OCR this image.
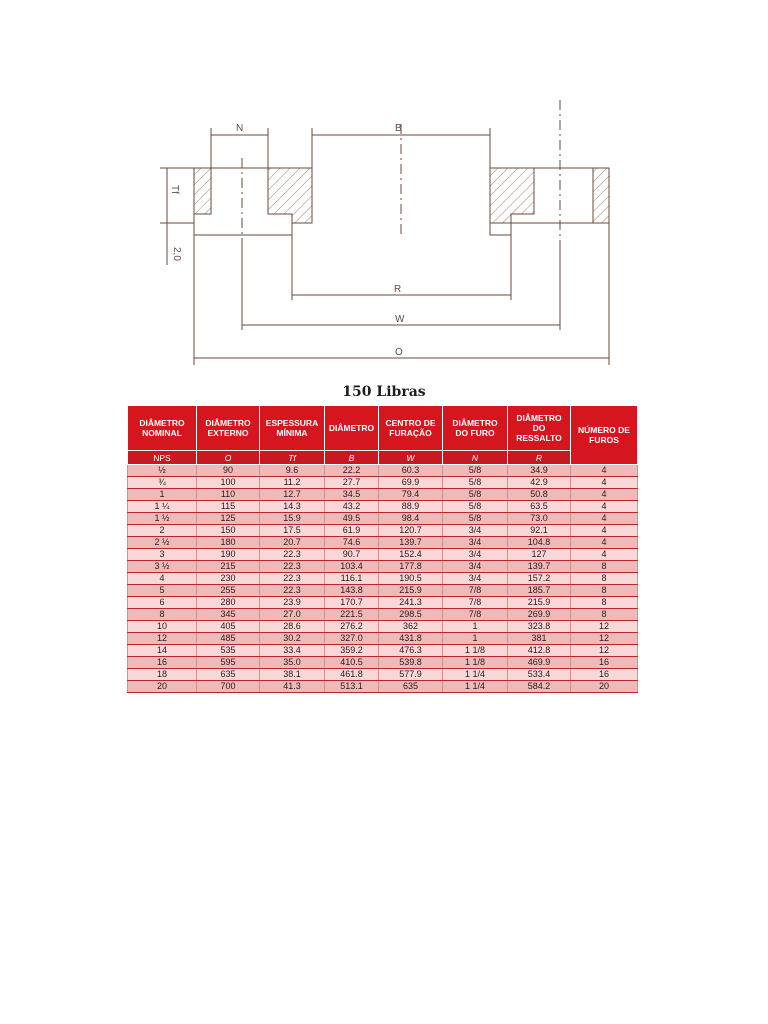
N	B
Tf
2,0
R
W
O
150 Libras
DIÂMETRO NOMINAL	DIÂMETRO EXTERNO	ESPESSURA MÍNIMA	DIÂMETRO	CENTRO DE FURAÇÃO	DIÂMETRO DO FURO	DIÂMETRO DO RESSALTO	NÚMERO DE FUROS
NPS	O	Tf	B	W	N	R	
½	90	9.6	22.2	60.3	5/8	34.9	4
¾	100	11.2	27.7	69.9	5/8	42.9	4
1	110	12.7	34.5	79.4	5/8	50.8	4
1 ¼	115	14.3	43.2	88.9	5/8	63.5	4
1 ½	125	15.9	49.5	98.4	5/8	73.0	4
2	150	17.5	61.9	120.7	3/4	92.1	4
2 ½	180	20.7	74.6	139.7	3/4	104.8	4
3	190	22.3	90.7	152.4	3/4	127	4
3 ½	215	22.3	103.4	177.8	3/4	139.7	8
4	230	22.3	116.1	190.5	3/4	157.2	8
5	255	22.3	143.8	215.9	7/8	185.7	8
6	280	23.9	170.7	241.3	7/8	215.9	8
8	345	27.0	221.5	298.5	7/8	269.9	8
10	405	28.6	276.2	362	1	323.8	12
12	485	30.2	327.0	431.8	1	381	12
14	535	33.4	359.2	476.3	1 1/8	412.8	12
16	595	35.0	410.5	539.8	1 1/8	469.9	16
18	635	38.1	461.8	577.9	1 1/4	533.4	16
20	700	41.3	513.1	635	1 1/4	584.2	20
